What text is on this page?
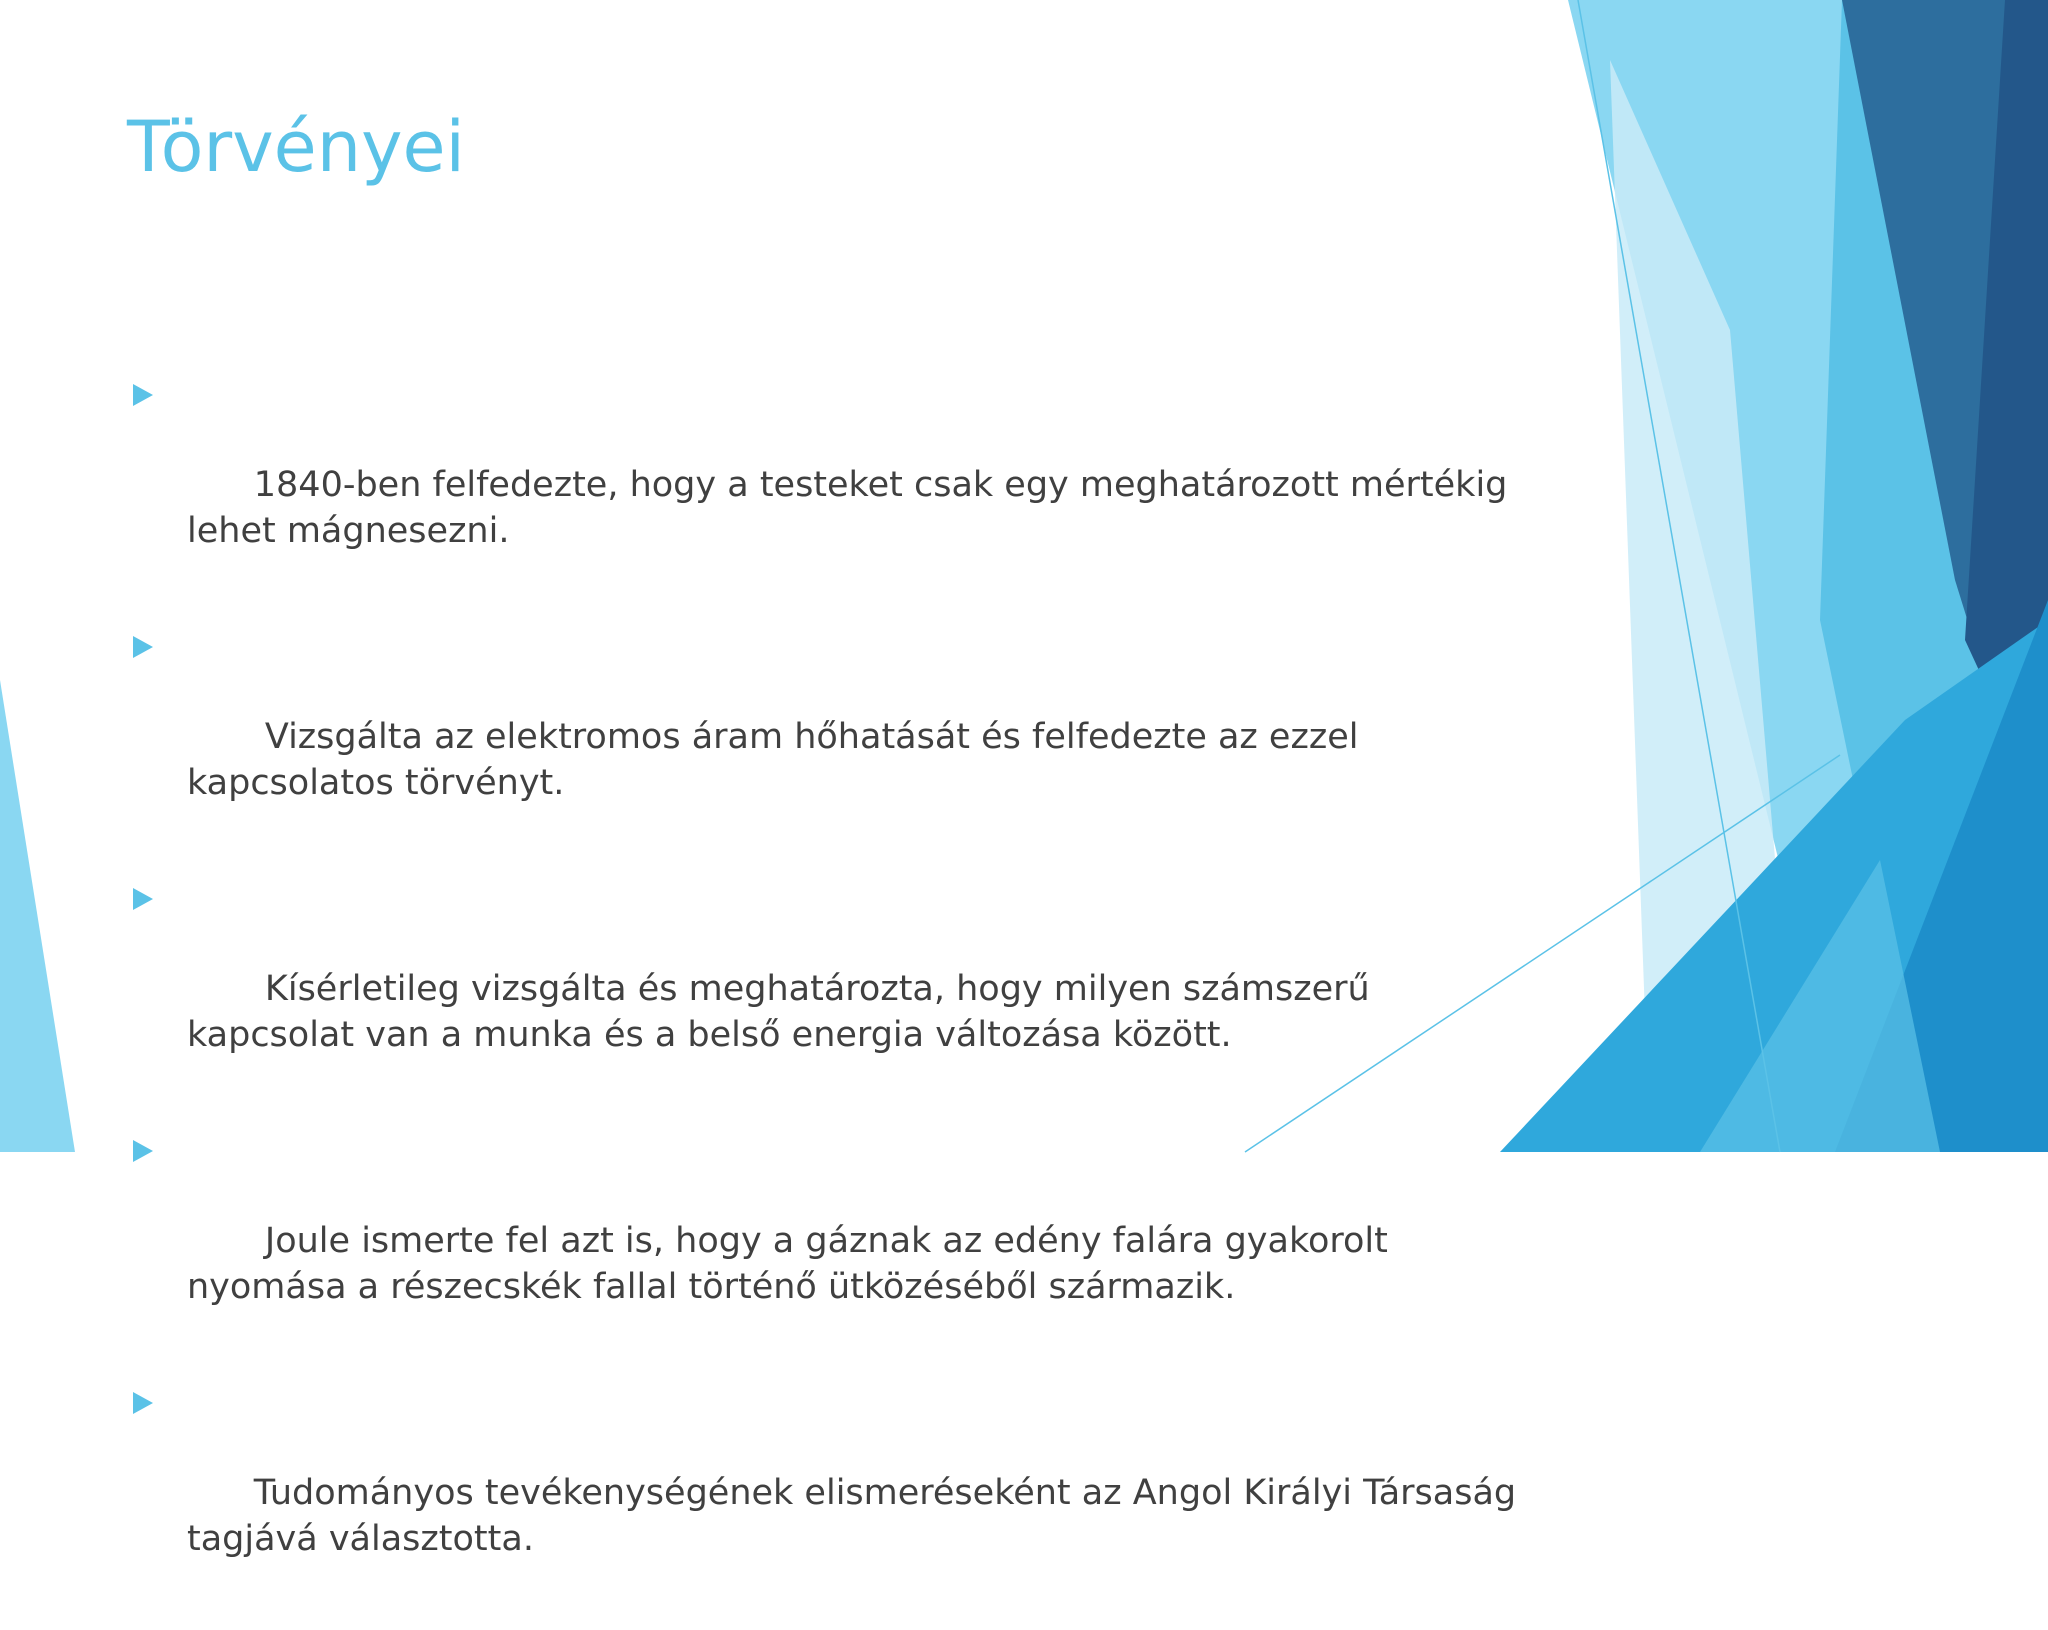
Törvényei

1840-ben felfedezte, hogy a testeket csak egy meghatározott mértékig lehet mágnesezni.

Vizsgálta az elektromos áram hőhatását és felfedezte az ezzel kapcsolatos törvényt.

Kísérletileg vizsgálta és meghatározta, hogy milyen számszerű kapcsolat van a munka és a belső energia változása között.

Joule ismerte fel azt is, hogy a gáznak az edény falára gyakorolt nyomása a részecskék fallal történő ütközéséből származik.

Tudományos tevékenységének elismeréseként az Angol Királyi Társaság tagjává választotta.
